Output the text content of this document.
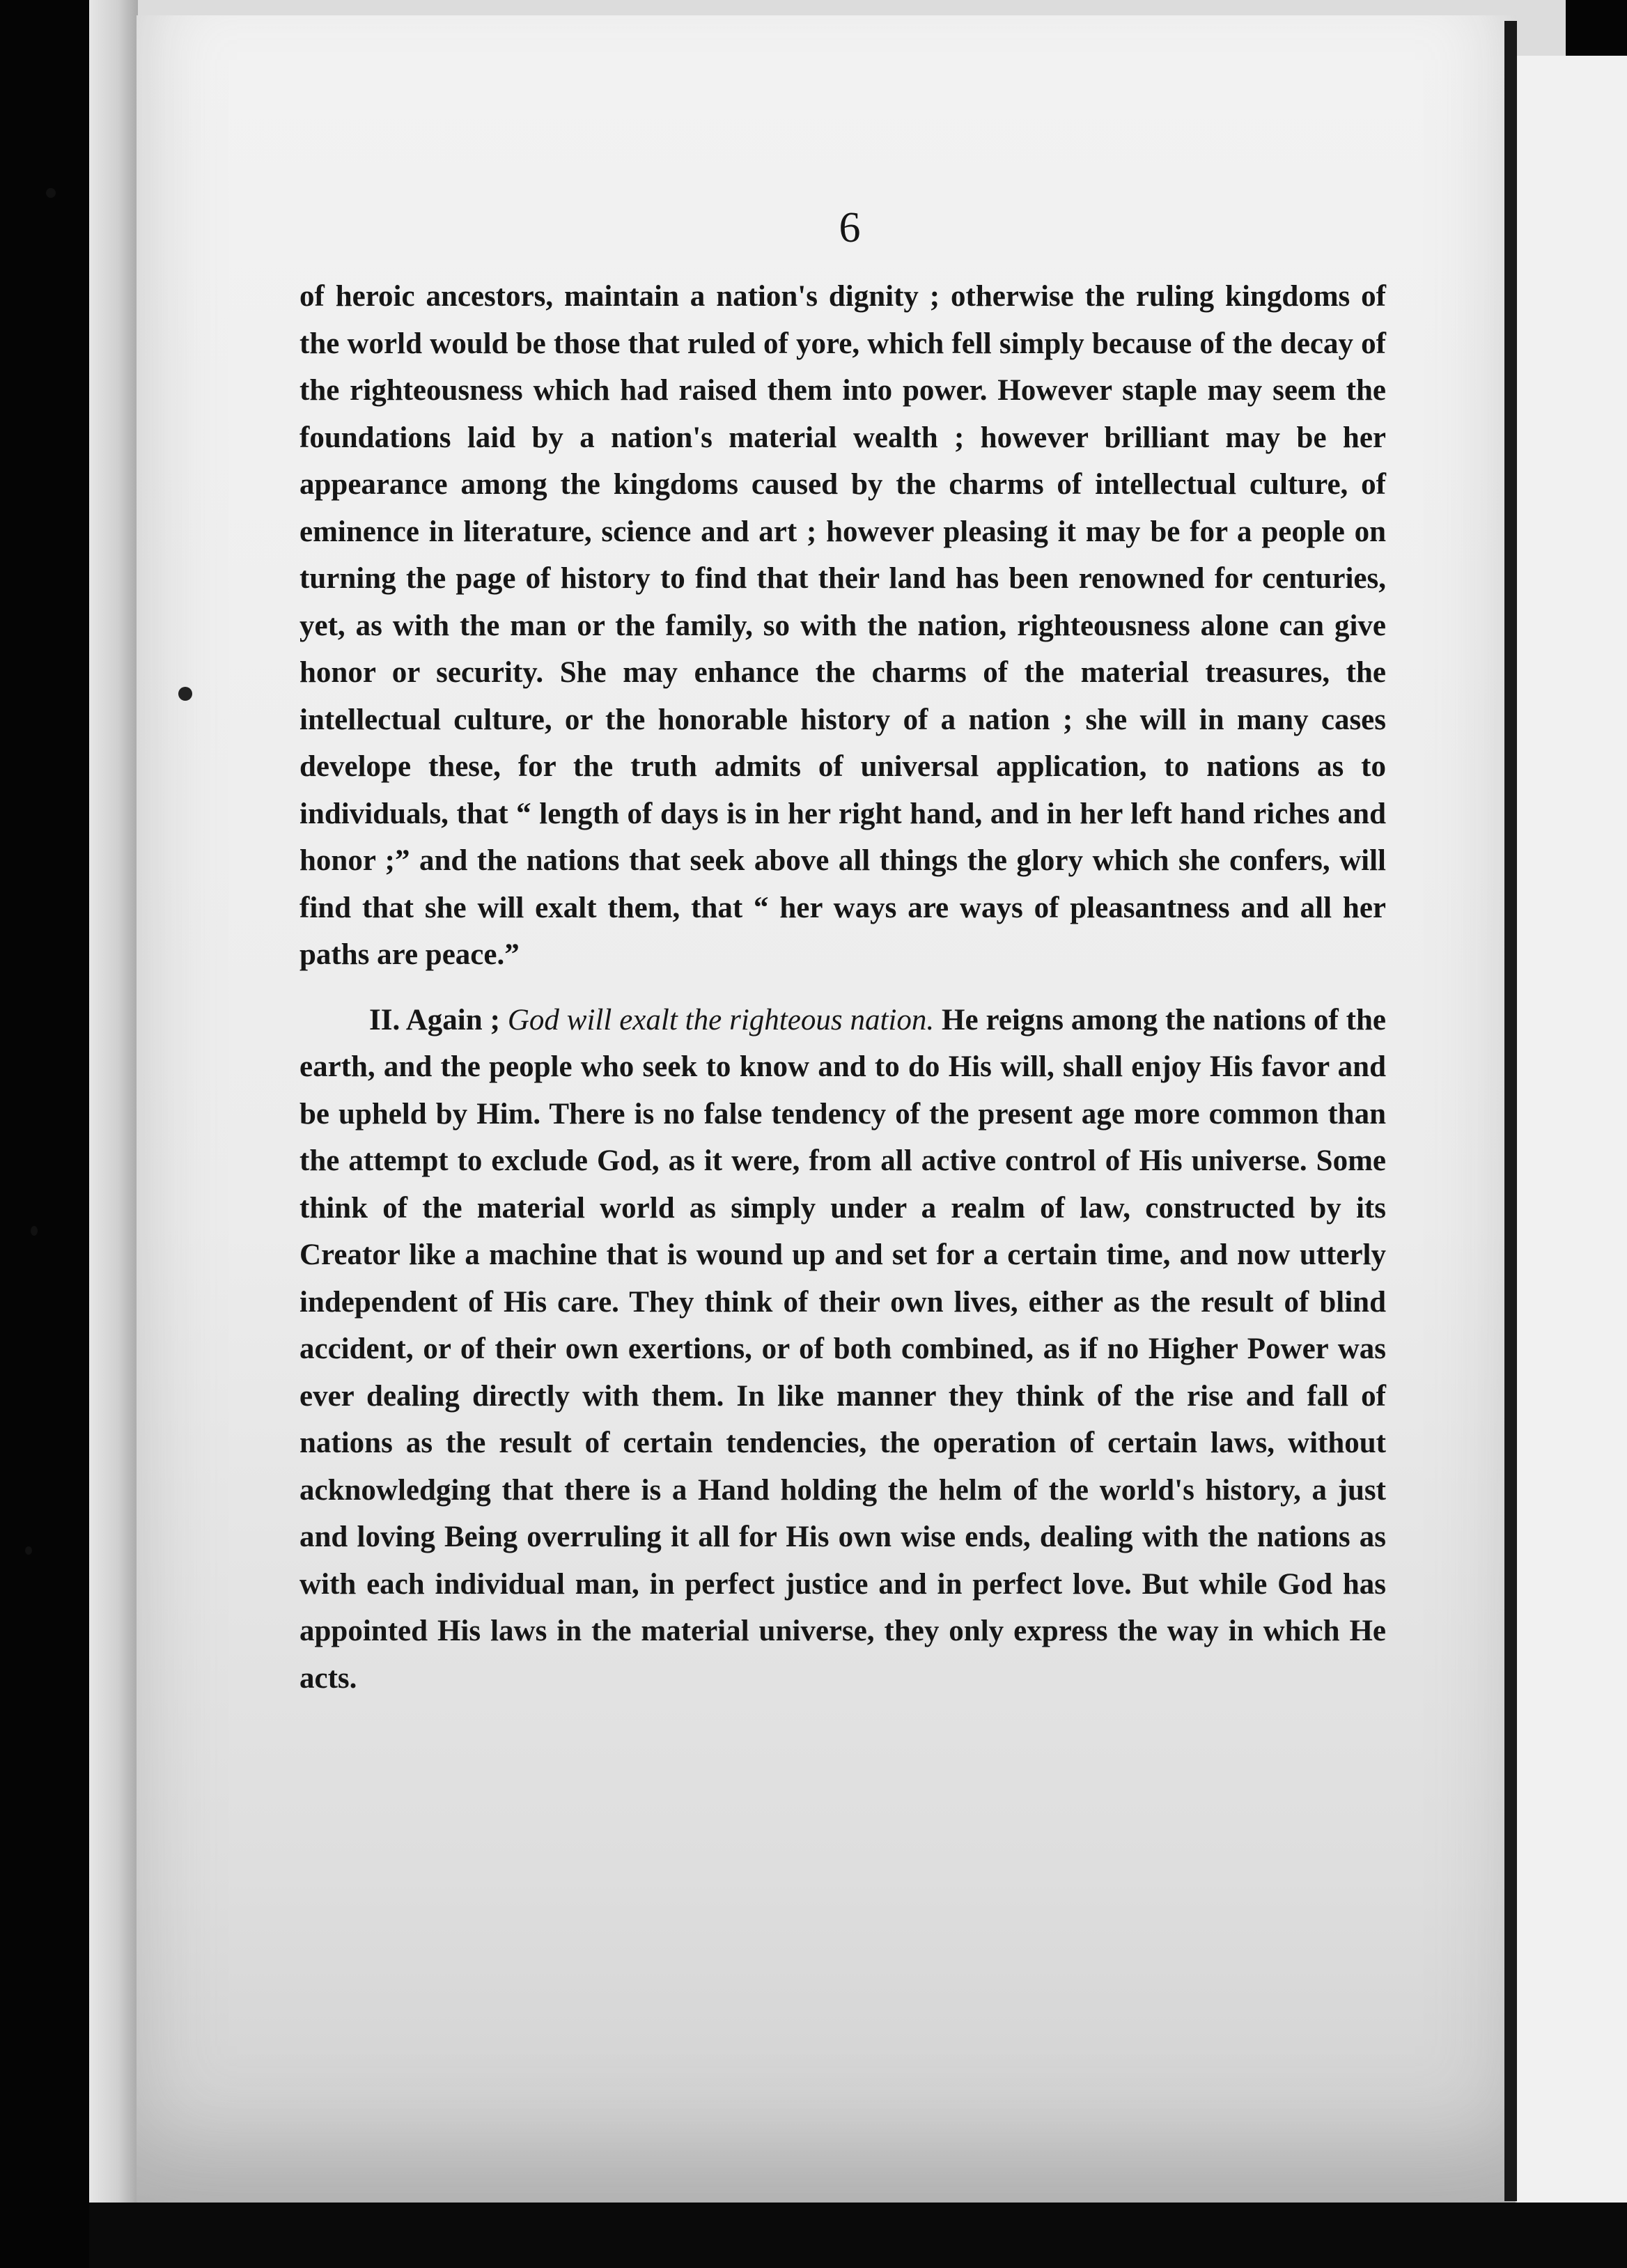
6

of heroic ancestors, maintain a nation's dignity ; otherwise the ruling kingdoms of the world would be those that ruled of yore, which fell simply because of the decay of the righteousness which had raised them into power. However staple may seem the foundations laid by a nation's material wealth ; however brilliant may be her appearance among the kingdoms caused by the charms of intellectual culture, of eminence in literature, science and art ; however pleasing it may be for a people on turning the page of history to find that their land has been renowned for centuries, yet, as with the man or the family, so with the nation, righteousness alone can give honor or security. She may enhance the charms of the material treasures, the intellectual culture, or the honorable history of a nation ; she will in many cases develope these, for the truth admits of universal application, to nations as to individuals, that “ length of days is in her right hand, and in her left hand riches and honor ;” and the nations that seek above all things the glory which she confers, will find that she will exalt them, that “ her ways are ways of pleasantness and all her paths are peace.”

II. Again ; God will exalt the righteous nation. He reigns among the nations of the earth, and the people who seek to know and to do His will, shall enjoy His favor and be upheld by Him. There is no false tendency of the present age more common than the attempt to exclude God, as it were, from all active control of His universe. Some think of the material world as simply under a realm of law, constructed by its Creator like a machine that is wound up and set for a certain time, and now utterly independent of His care. They think of their own lives, either as the result of blind accident, or of their own exertions, or of both combined, as if no Higher Power was ever dealing directly with them. In like manner they think of the rise and fall of nations as the result of certain tendencies, the operation of certain laws, without acknowledging that there is a Hand holding the helm of the world's history, a just and loving Being overruling it all for His own wise ends, dealing with the nations as with each individual man, in perfect justice and in perfect love. But while God has appointed His laws in the material universe, they only express the way in which He acts.
